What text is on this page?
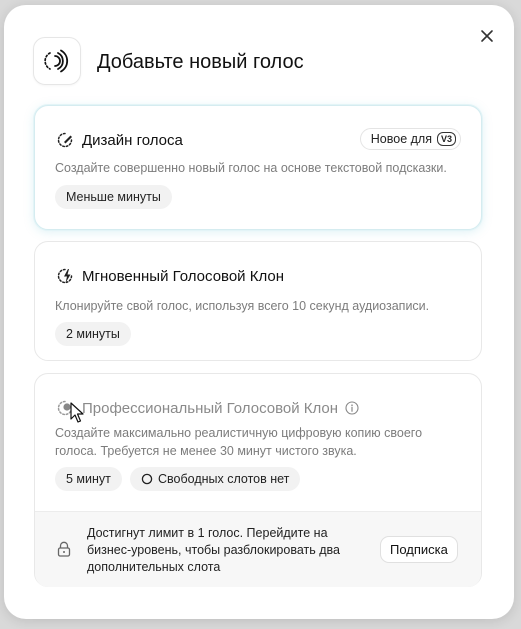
Добавьте новый голос
Дизайн голоса	Новое для	V3
Создайте совершенно новый голос на основе текстовой подсказки.
Меньше минуты
Мгновенный Голосовой Клон
Клонируйте свой голос, используя всего 10 секунд аудиозаписи.
2 минуты
Профессиональный Голосовой Клон
Создайте максимально реалистичную цифровую копию своего голоса. Требуется не менее 30 минут чистого звука.
5 минут	Свободных слотов нет
Достигнут лимит в 1 голос. Перейдите на бизнес-уровень, чтобы разблокировать два дополнительных слота
Подписка
